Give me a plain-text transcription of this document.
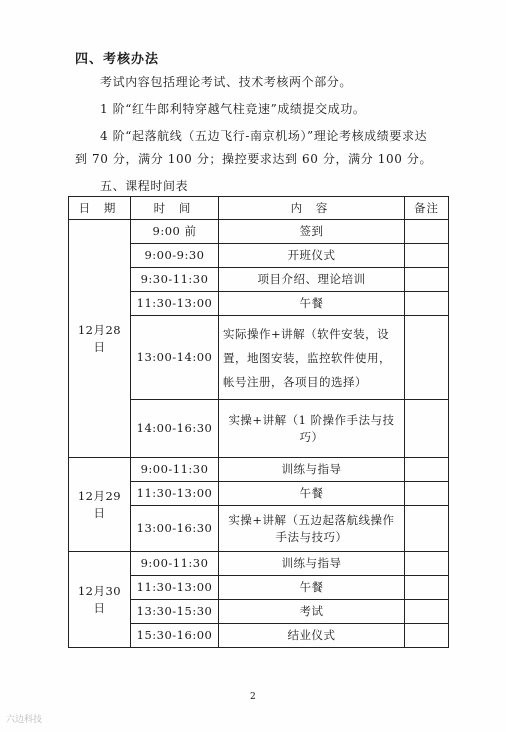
四、考核办法
考试内容包括理论考试、技术考核两个部分。
1 阶“红牛郎利特穿越气柱竞速”成绩提交成功。
4 阶“起落航线（五边飞行-南京机场）”理论考核成绩要求达
到 70 分，满分 100 分；操控要求达到 60 分，满分 100 分。
五、课程时间表
日 期	时 间	内 容	备注
12月28日	9:00 前	签到	
	9:00-9:30	开班仪式	
	9:30-11:30	项目介绍、理论培训	
	11:30-13:00	午餐	
	13:00-14:00	实际操作+讲解（软件安装，设置，地图安装，监控软件使用，帐号注册，各项目的选择）	
	14:00-16:30	实操+讲解（1 阶操作手法与技巧）	
12月29日	9:00-11:30	训练与指导	
	11:30-13:00	午餐	
	13:00-16:30	实操+讲解（五边起落航线操作手法与技巧）	
12月30日	9:00-11:30	训练与指导	
	11:30-13:00	午餐	
	13:30-15:30	考试	
	15:30-16:00	结业仪式	
2
六边科技
